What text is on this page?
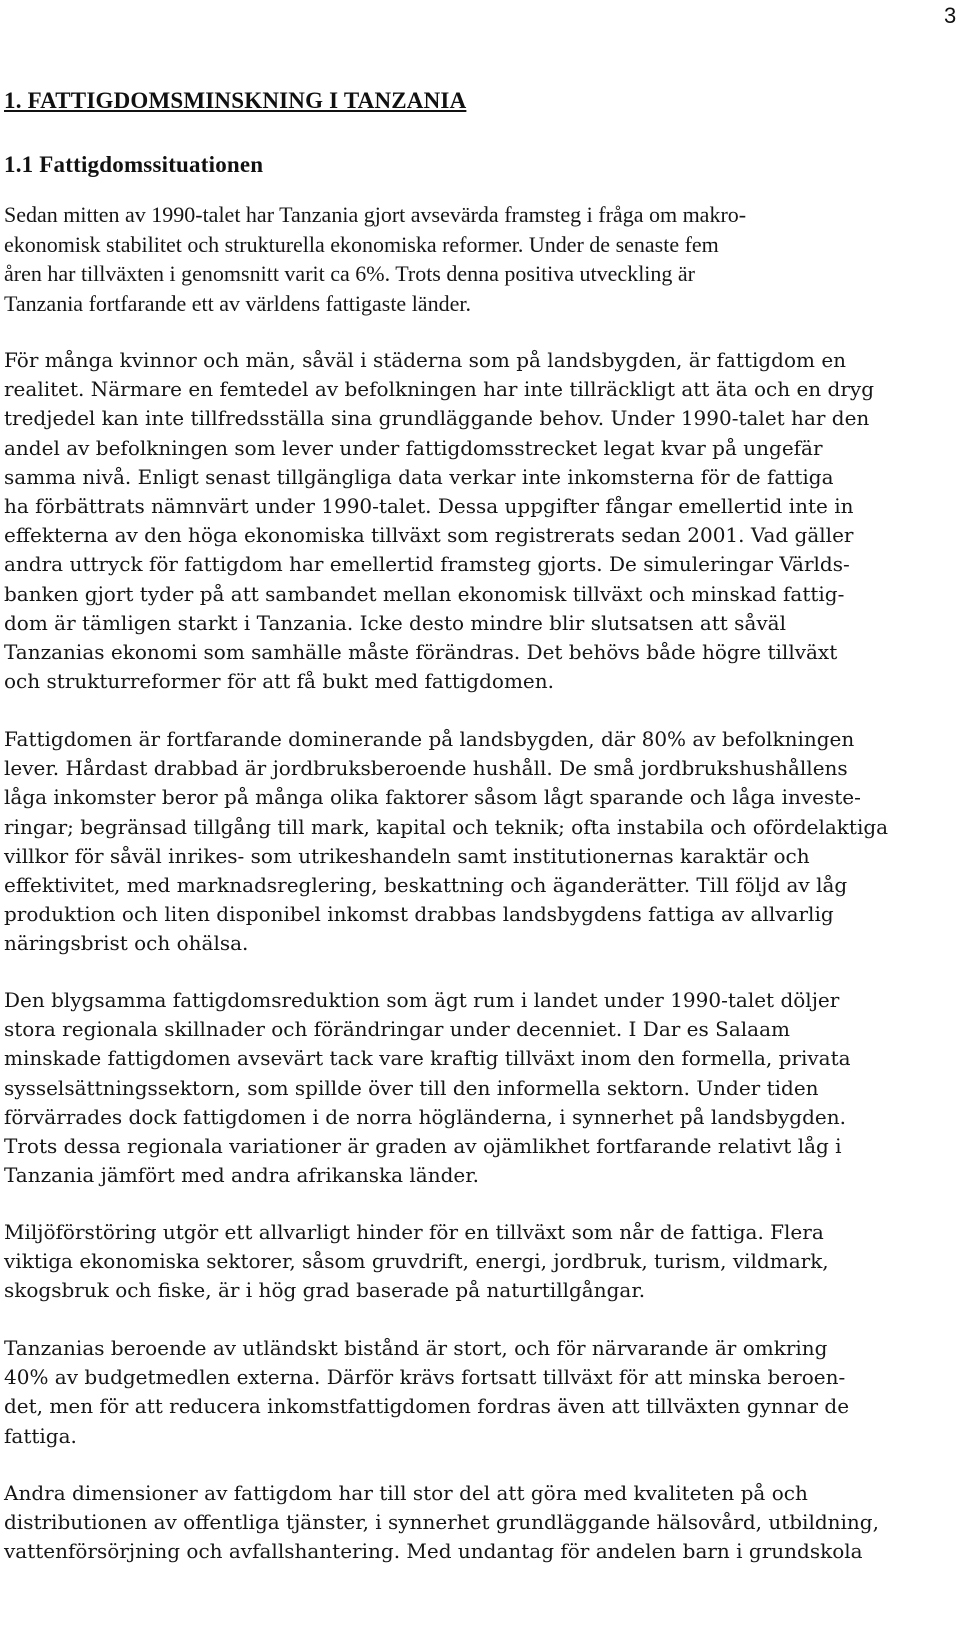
3
1. FATTIGDOMSMINSKNING I TANZANIA
1.1 Fattigdomssituationen

Sedan mitten av 1990-talet har Tanzania gjort avsevärda framsteg i fråga om makro-
ekonomisk stabilitet och strukturella ekonomiska reformer. Under de senaste fem
åren har tillväxten i genomsnitt varit ca 6%. Trots denna positiva utveckling är
Tanzania fortfarande ett av världens fattigaste länder.

För många kvinnor och män, såväl i städerna som på landsbygden, är fattigdom en
realitet. Närmare en femtedel av befolkningen har inte tillräckligt att äta och en dryg
tredjedel kan inte tillfredsställa sina grundläggande behov. Under 1990-talet har den
andel av befolkningen som lever under fattigdomsstrecket legat kvar på ungefär
samma nivå. Enligt senast tillgängliga data verkar inte inkomsterna för de fattiga
ha förbättrats nämnvärt under 1990-talet. Dessa uppgifter fångar emellertid inte in
effekterna av den höga ekonomiska tillväxt som registrerats sedan 2001. Vad gäller
andra uttryck för fattigdom har emellertid framsteg gjorts. De simuleringar Världs-
banken gjort tyder på att sambandet mellan ekonomisk tillväxt och minskad fattig-
dom är tämligen starkt i Tanzania. Icke desto mindre blir slutsatsen att såväl
Tanzanias ekonomi som samhälle måste förändras. Det behövs både högre tillväxt
och strukturreformer för att få bukt med fattigdomen.

Fattigdomen är fortfarande dominerande på landsbygden, där 80% av befolkningen
lever. Hårdast drabbad är jordbruksberoende hushåll. De små jordbrukshushållens
låga inkomster beror på många olika faktorer såsom lågt sparande och låga investe-
ringar; begränsad tillgång till mark, kapital och teknik; ofta instabila och ofördelaktiga
villkor för såväl inrikes- som utrikeshandeln samt institutionernas karaktär och
effektivitet, med marknadsreglering, beskattning och äganderätter. Till följd av låg
produktion och liten disponibel inkomst drabbas landsbygdens fattiga av allvarlig
näringsbrist och ohälsa.

Den blygsamma fattigdomsreduktion som ägt rum i landet under 1990-talet döljer
stora regionala skillnader och förändringar under decenniet. I Dar es Salaam
minskade fattigdomen avsevärt tack vare kraftig tillväxt inom den formella, privata
sysselsättningssektorn, som spillde över till den informella sektorn. Under tiden
förvärrades dock fattigdomen i de norra högländerna, i synnerhet på landsbygden.
Trots dessa regionala variationer är graden av ojämlikhet fortfarande relativt låg i
Tanzania jämfört med andra afrikanska länder.

Miljöförstöring utgör ett allvarligt hinder för en tillväxt som når de fattiga. Flera
viktiga ekonomiska sektorer, såsom gruvdrift, energi, jordbruk, turism, vildmark,
skogsbruk och fiske, är i hög grad baserade på naturtillgångar.

Tanzanias beroende av utländskt bistånd är stort, och för närvarande är omkring
40% av budgetmedlen externa. Därför krävs fortsatt tillväxt för att minska beroen-
det, men för att reducera inkomstfattigdomen fordras även att tillväxten gynnar de
fattiga.

Andra dimensioner av fattigdom har till stor del att göra med kvaliteten på och
distributionen av offentliga tjänster, i synnerhet grundläggande hälsovård, utbildning,
vattenförsörjning och avfallshantering. Med undantag för andelen barn i grundskola
